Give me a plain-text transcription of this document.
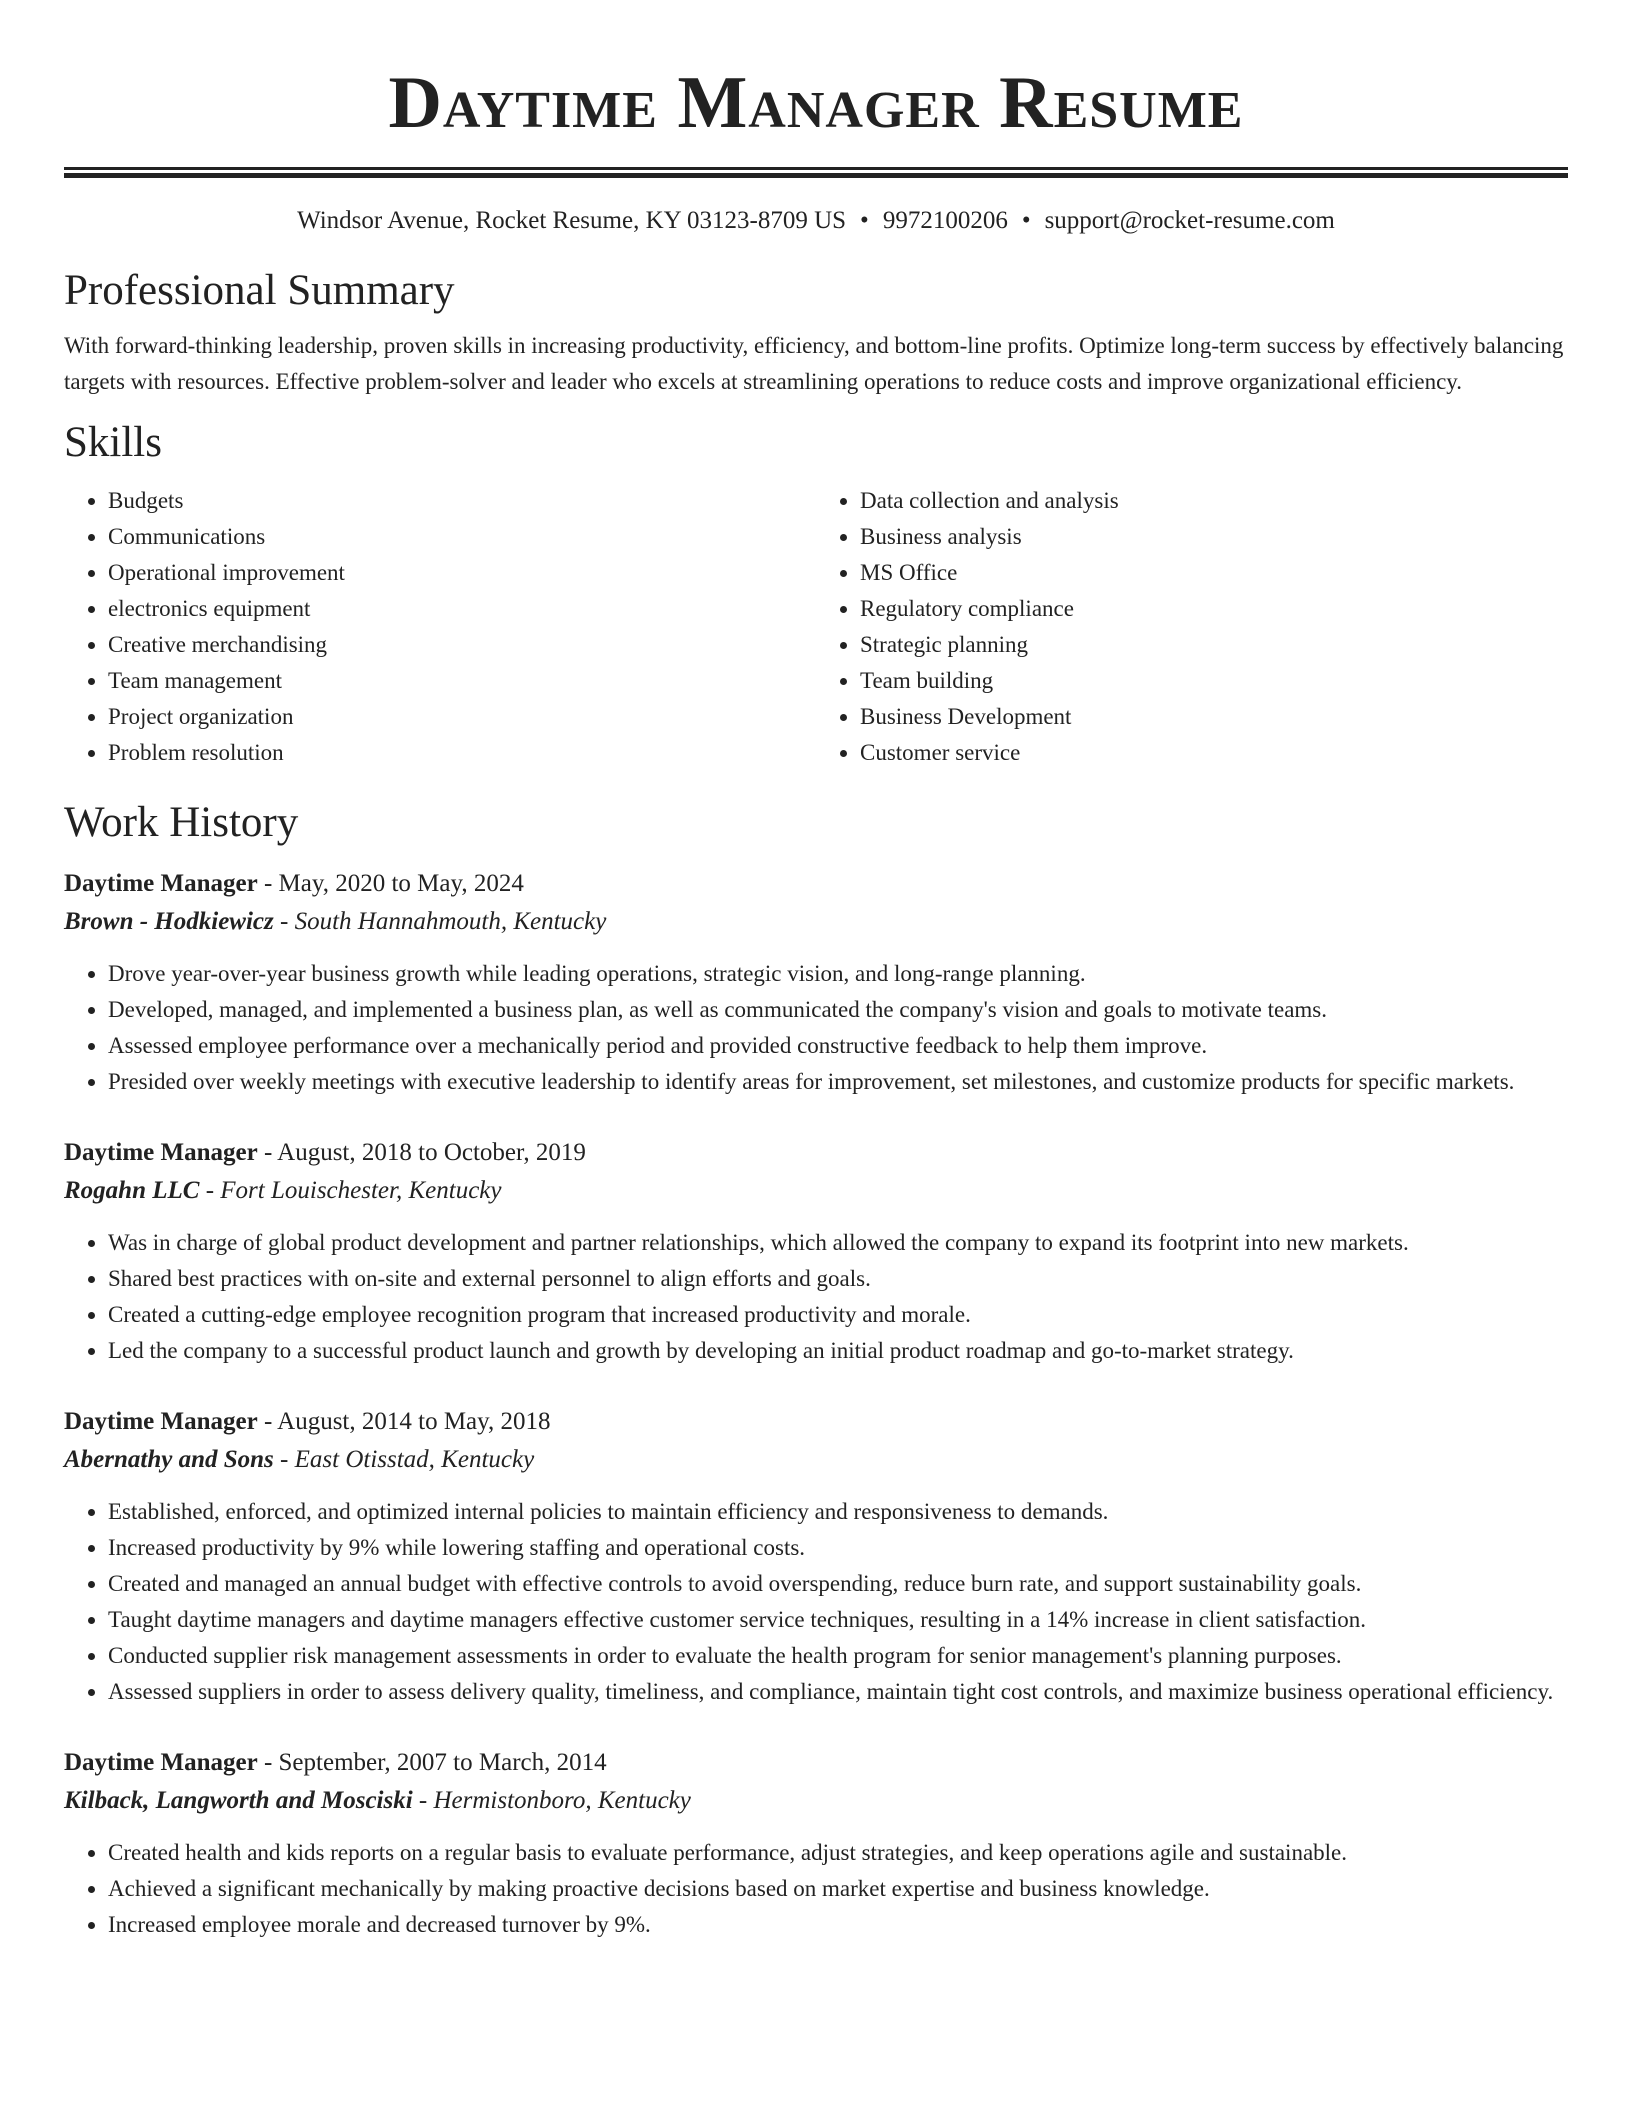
Daytime Manager Resume
Windsor Avenue, Rocket Resume, KY 03123-8709 US • 9972100206 • support@rocket-resume.com
Professional Summary

With forward-thinking leadership, proven skills in increasing productivity, efficiency, and bottom-line profits. Optimize long-term success by effectively balancing targets with resources. Effective problem-solver and leader who excels at streamlining operations to reduce costs and improve organizational efficiency.

Skills
• Budgets
• Communications
• Operational improvement
• electronics equipment
• Creative merchandising
• Team management
• Project organization
• Problem resolution
• Data collection and analysis
• Business analysis
• MS Office
• Regulatory compliance
• Strategic planning
• Team building
• Business Development
• Customer service
Work History
Daytime Manager - May, 2020 to May, 2024
Brown - Hodkiewicz - South Hannahmouth, Kentucky
• Drove year-over-year business growth while leading operations, strategic vision, and long-range planning.
• Developed, managed, and implemented a business plan, as well as communicated the company's vision and goals to motivate teams.
• Assessed employee performance over a mechanically period and provided constructive feedback to help them improve.
• Presided over weekly meetings with executive leadership to identify areas for improvement, set milestones, and customize products for specific markets.
Daytime Manager - August, 2018 to October, 2019
Rogahn LLC - Fort Louischester, Kentucky
• Was in charge of global product development and partner relationships, which allowed the company to expand its footprint into new markets.
• Shared best practices with on-site and external personnel to align efforts and goals.
• Created a cutting-edge employee recognition program that increased productivity and morale.
• Led the company to a successful product launch and growth by developing an initial product roadmap and go-to-market strategy.
Daytime Manager - August, 2014 to May, 2018
Abernathy and Sons - East Otisstad, Kentucky
• Established, enforced, and optimized internal policies to maintain efficiency and responsiveness to demands.
• Increased productivity by 9% while lowering staffing and operational costs.
• Created and managed an annual budget with effective controls to avoid overspending, reduce burn rate, and support sustainability goals.
• Taught daytime managers and daytime managers effective customer service techniques, resulting in a 14% increase in client satisfaction.
• Conducted supplier risk management assessments in order to evaluate the health program for senior management's planning purposes.
• Assessed suppliers in order to assess delivery quality, timeliness, and compliance, maintain tight cost controls, and maximize business operational efficiency.
Daytime Manager - September, 2007 to March, 2014
Kilback, Langworth and Mosciski - Hermistonboro, Kentucky
• Created health and kids reports on a regular basis to evaluate performance, adjust strategies, and keep operations agile and sustainable.
• Achieved a significant mechanically by making proactive decisions based on market expertise and business knowledge.
• Increased employee morale and decreased turnover by 9%.
